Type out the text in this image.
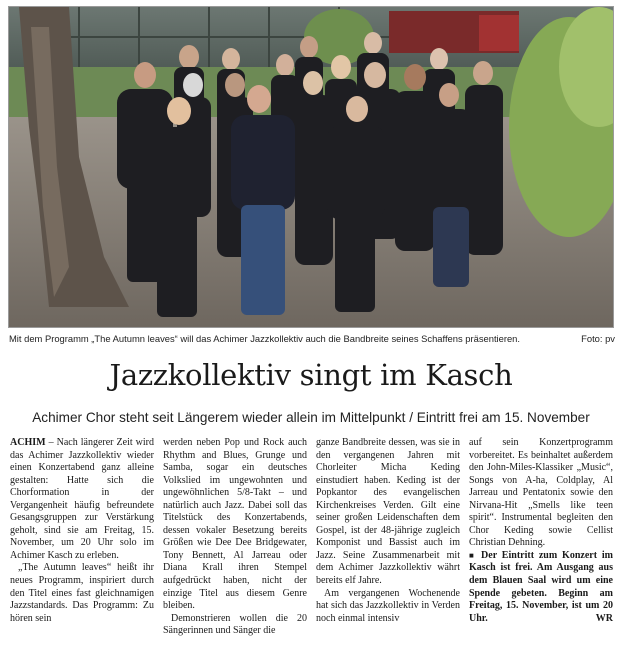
Mit dem Programm „The Autumn leaves“ will das Achimer Jazzkollektiv auch die Bandbreite seines Schaffens präsentieren.	Foto: pv
Jazzkollektiv singt im Kasch
Achimer Chor steht seit Längerem wieder allein im Mittelpunkt / Eintritt frei am 15. November

ACHIM – Nach längerer Zeit wird das Achimer Jazzkollektiv wieder einen Konzertabend ganz alleine gestalten: Hatte sich die Chorformation in der Vergangenheit häufig befreundete Gesangsgruppen zur Verstärkung geholt, sind sie am Freitag, 15. November, um 20 Uhr solo im Achimer Kasch zu erleben.

„The Autumn leaves“ heißt ihr neues Programm, inspiriert durch den Titel eines fast gleichnamigen Jazzstandards. Das Programm: Zu hören sein

werden neben Pop und Rock auch Rhythm and Blues, Grunge und Samba, sogar ein deutsches Volkslied im ungewohnten und ungewöhnlichen 5/8-Takt – und natürlich auch Jazz. Dabei soll das Titelstück des Konzertabends, dessen vokaler Besetzung bereits Größen wie Dee Dee Bridgewater, Tony Bennett, Al Jarreau oder Diana Krall ihren Stempel aufgedrückt haben, nicht der einzige Titel aus diesem Genre bleiben.

Demonstrieren wollen die 20 Sängerinnen und Sänger die

ganze Bandbreite dessen, was sie in den vergangenen Jahren mit Chorleiter Micha Keding einstudiert haben. Keding ist der Popkantor des evangelischen Kirchenkreises Verden. Gilt eine seiner großen Leidenschaften dem Gospel, ist der 48-jährige zugleich Komponist und Bassist auch im Jazz. Seine Zusammenarbeit mit dem Achimer Jazzkollektiv währt bereits elf Jahre.

Am vergangenen Wochenende hat sich das Jazzkollektiv in Verden noch einmal intensiv

auf sein Konzertprogramm vorbereitet. Es beinhaltet außerdem den John-Miles-Klassiker „Music“, Songs von A-ha, Coldplay, Al Jarreau und Pentatonix sowie den Nirvana-Hit „Smells like teen spirit“. Instrumental begleiten den Chor Keding sowie Cellist Christian Dehning.

■ Der Eintritt zum Konzert im Kasch ist frei. Am Ausgang aus dem Blauen Saal wird um eine Spende gebeten. Beginn am Freitag, 15. November, ist um 20 Uhr.	WR
